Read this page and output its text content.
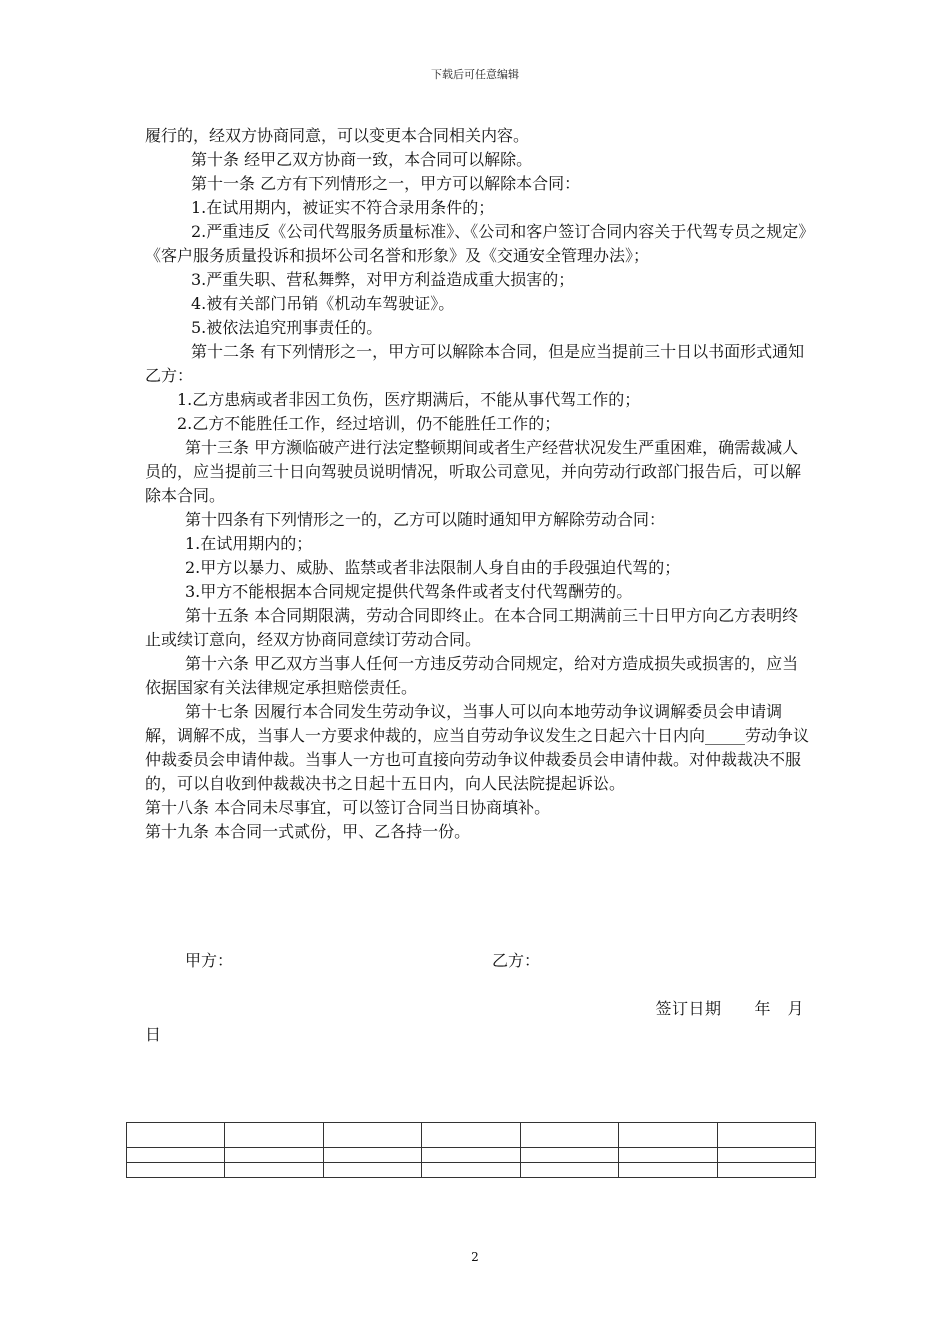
下载后可任意编辑

履行的，经双方协商同意，可以变更本合同相关内容。

第十条 经甲乙双方协商一致，本合同可以解除。

第十一条 乙方有下列情形之一，甲方可以解除本合同：

1.在试用期内，被证实不符合录用条件的；

2.严重违反《公司代驾服务质量标准》、《公司和客户签订合同内容关于代驾专员之规定》《客户服务质量投诉和损坏公司名誉和形象》及《交通安全管理办法》；

3.严重失职、营私舞弊，对甲方利益造成重大损害的；

4.被有关部门吊销《机动车驾驶证》。

5.被依法追究刑事责任的。

第十二条 有下列情形之一，甲方可以解除本合同，但是应当提前三十日以书面形式通知乙方：

1.乙方患病或者非因工负伤，医疗期满后，不能从事代驾工作的；

2.乙方不能胜任工作，经过培训，仍不能胜任工作的；

第十三条 甲方濒临破产进行法定整顿期间或者生产经营状况发生严重困难，确需裁减人员的，应当提前三十日向驾驶员说明情况，听取公司意见，并向劳动行政部门报告后，可以解除本合同。

第十四条有下列情形之一的，乙方可以随时通知甲方解除劳动合同：

1.在试用期内的；

2.甲方以暴力、威胁、监禁或者非法限制人身自由的手段强迫代驾的；

3.甲方不能根据本合同规定提供代驾条件或者支付代驾酬劳的。

第十五条 本合同期限满，劳动合同即终止。在本合同工期满前三十日甲方向乙方表明终止或续订意向，经双方协商同意续订劳动合同。

第十六条 甲乙双方当事人任何一方违反劳动合同规定，给对方造成损失或损害的，应当依据国家有关法律规定承担赔偿责任。

第十七条 因履行本合同发生劳动争议，当事人可以向本地劳动争议调解委员会申请调解，调解不成，当事人一方要求仲裁的，应当自劳动争议发生之日起六十日内向_____劳动争议仲裁委员会申请仲裁。当事人一方也可直接向劳动争议仲裁委员会申请仲裁。对仲裁裁决不服的，可以自收到仲裁裁决书之日起十五日内，向人民法院提起诉讼。

第十八条 本合同未尽事宜，可以签订合同当日协商填补。

第十九条 本合同一式贰份，甲、乙各持一份。

甲方：	乙方：
签订日期　　年　月
日

2
